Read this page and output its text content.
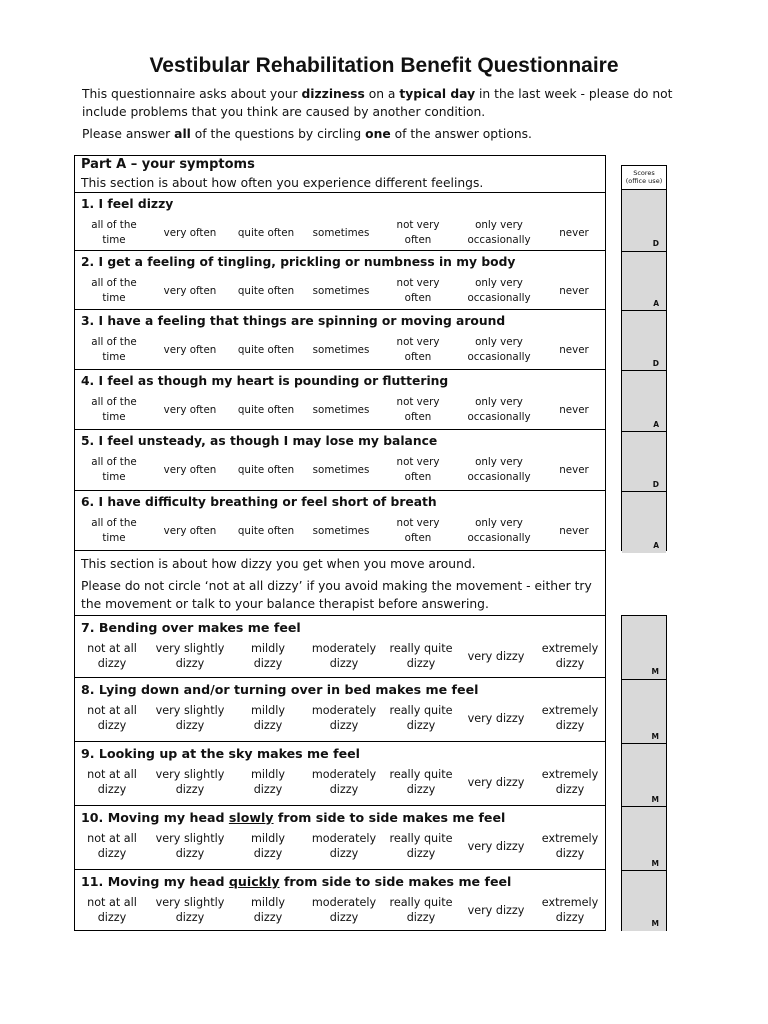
Vestibular Rehabilitation Benefit Questionnaire
This questionnaire asks about your dizziness on a typical day in the last week - please do not include problems that you think are caused by another condition.
Please answer all of the questions by circling one of the answer options.
Part A – your symptoms
This section is about how often you experience different feelings.
1. I feel dizzy
all of the
time
very often quite often sometimes
not very
often
only very
occasionally
never
2. I get a feeling of tingling, prickling or numbness in my body
all of the
time
very often quite often sometimes
not very
often
only very
occasionally
never
3. I have a feeling that things are spinning or moving around
all of the
time
very often quite often sometimes
not very
often
only very
occasionally
never
4. I feel as though my heart is pounding or fluttering
all of the
time
very often quite often sometimes
not very
often
only very
occasionally
never
5. I feel unsteady, as though I may lose my balance
all of the
time
very often quite often sometimes
not very
often
only very
occasionally
never
6. I have difficulty breathing or feel short of breath
all of the
time
very often quite often sometimes
not very
often
only very
occasionally
never
This section is about how dizzy you get when you move around.
Please do not circle ‘not at all dizzy’ if you avoid making the movement - either try the movement or talk to your balance therapist before answering.
7. Bending over makes me feel
not at all
dizzy
very slightly
dizzy
mildly
dizzy
moderately
dizzy
really quite
dizzy
very dizzy
extremely
dizzy
8. Lying down and/or turning over in bed makes me feel
not at all
dizzy
very slightly
dizzy
mildly
dizzy
moderately
dizzy
really quite
dizzy
very dizzy
extremely
dizzy
9. Looking up at the sky makes me feel
not at all
dizzy
very slightly
dizzy
mildly
dizzy
moderately
dizzy
really quite
dizzy
very dizzy
extremely
dizzy
10. Moving my head slowly from side to side makes me feel
not at all
dizzy
very slightly
dizzy
mildly
dizzy
moderately
dizzy
really quite
dizzy
very dizzy
extremely
dizzy
11. Moving my head quickly from side to side makes me feel
not at all
dizzy
very slightly
dizzy
mildly
dizzy
moderately
dizzy
really quite
dizzy
very dizzy
extremely
dizzy
Scores
(office use)
D
A
D
A
D
A
M
M
M
M
M
